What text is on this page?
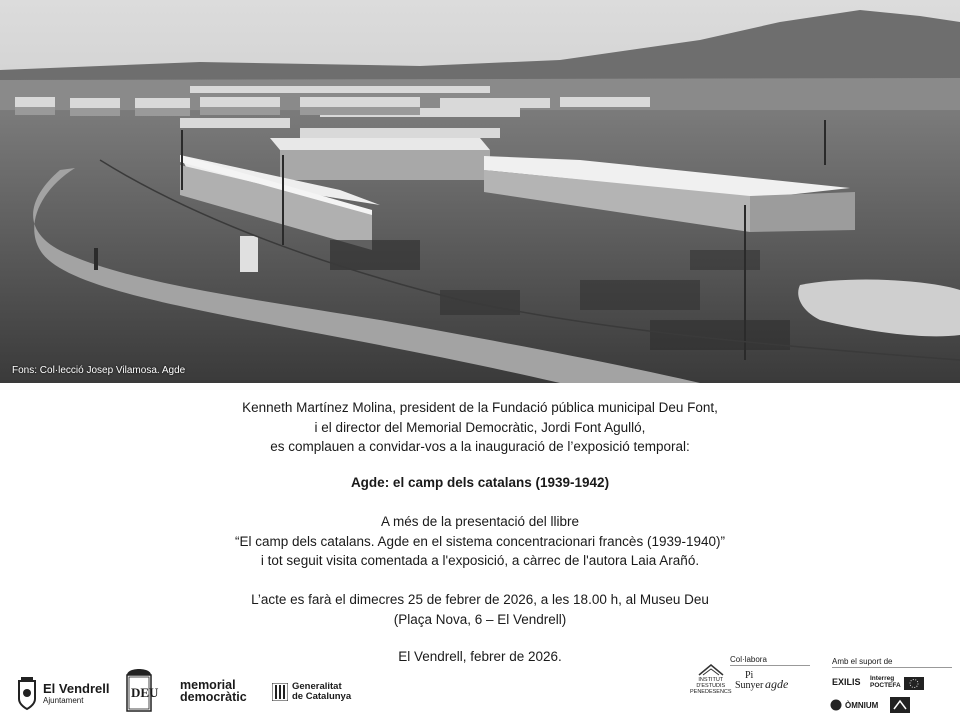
Fons: Col·lecció Josep Vilamosa. Agde

Kenneth Martínez Molina, president de la Fundació pública municipal Deu Font,

i el director del Memorial Democràtic, Jordi Font Agulló,

es complauen a convidar-vos a la inauguració de l’exposició temporal:

Agde: el camp dels catalans (1939-1942)

A més de la presentació del llibre

“El camp dels catalans. Agde en el sistema concentracionari francès (1939-1940)”

i tot seguit visita comentada a l'exposició, a càrrec de l'autora Laia Arañó.

L’acte es farà el dimecres 25 de febrer de 2026, a les 18.00 h, al Museu Deu

(Plaça Nova, 6 – El Vendrell)

El Vendrell, febrer de 2026.
El Vendrell
Ajuntament
DEU memorial
democràtic
Generalitat
de Catalunya
Col·labora
INSTITUT
D'ESTUDIS
PENEDESENCS
Pi Sunyer agde
Amb el suport de
EXILIS Interreg
POCTEFA
ÒMNIUM
